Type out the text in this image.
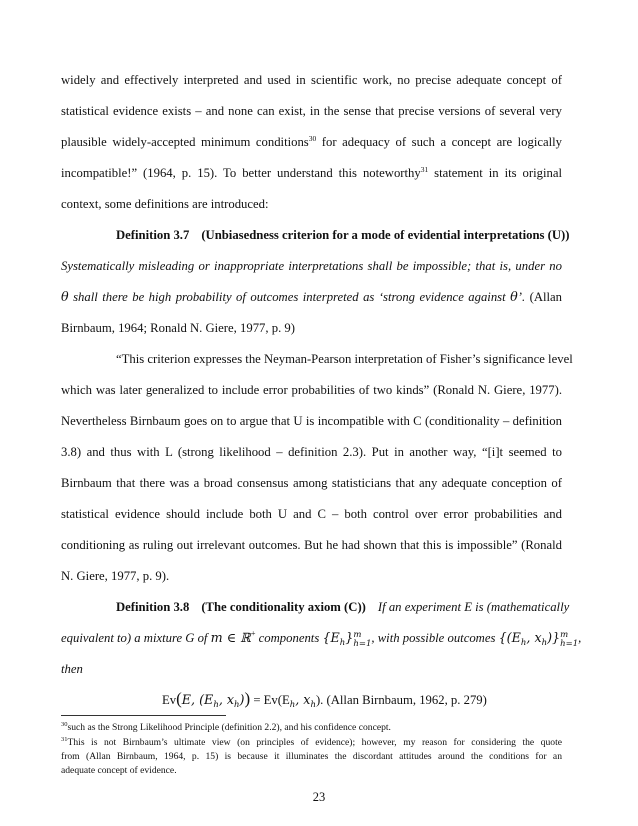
widely and effectively interpreted and used in scientific work, no precise adequate concept of
statistical evidence exists – and none can exist, in the sense that precise versions of several very
plausible widely-accepted minimum conditions$^{30}$ for adequacy of such a concept are logically
incompatible!” (1964, p. 15). To better understand this noteworthy$^{31}$ statement in its original
context, some definitions are introduced:
Definition 3.7 (Unbiasedness criterion for a mode of evidential interpretations (U))
Systematically misleading or inappropriate interpretations shall be impossible; that is, under no
θ shall there be high probability of outcomes interpreted as ‘strong evidence against θ’. (Allan
Birnbaum, 1964; Ronald N. Giere, 1977, p. 9)
“This criterion expresses the Neyman-Pearson interpretation of Fisher’s significance level
which was later generalized to include error probabilities of two kinds” (Ronald N. Giere, 1977).
Nevertheless Birnbaum goes on to argue that U is incompatible with C (conditionality – definition
3.8) and thus with L (strong likelihood – definition 2.3). Put in another way, “[i]t seemed to
Birnbaum that there was a broad consensus among statisticians that any adequate conception of
statistical evidence should include both U and C – both control over error probabilities and
conditioning as ruling out irrelevant outcomes. But he had shown that this is impossible” (Ronald
N. Giere, 1977, p. 9).
Definition 3.8 (The conditionality axiom (C)) If an experiment E is (mathematically
equivalent to) a mixture G of m ∈ ℝ+ components $\{E_h\}$ m
h=1 , with possible outcomes {($E_h$, $x_h$)} m
h=1 ,
then
Ev(E, ($E_h$, $x_h)) = Ev(E_h$, $x_h$). (Allan Birnbaum, 1962, p. 279)
$^{30}$such as the Strong Likelihood Principle (definition 2.2), and his confidence concept.
$^{31}$This is not Birnbaum’s ultimate view (on principles of evidence); however, my reason for considering the quote
from (Allan Birnbaum, 1964, p. 15) is because it illuminates the discordant attitudes around the conditions for an
adequate concept of evidence.
23
